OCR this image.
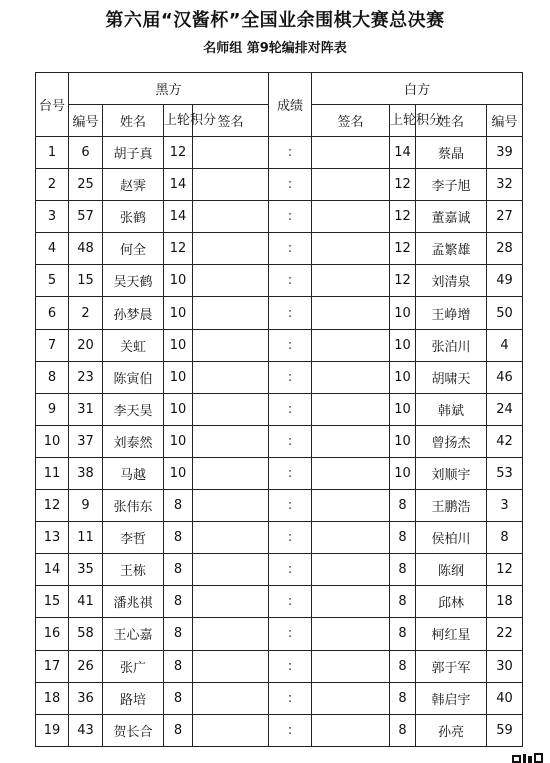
第六届“汉酱杯”全国业余围棋大赛总决赛
名师组 第9轮编排对阵表
台号	黑方				成绩	白方			
	编号	姓名	上轮积分	签名		签名	上轮积分	姓名	编号
1	6	胡子真	12		:		14	蔡晶	39
2	25	赵霁	14		:		12	李子旭	32
3	57	张鹤	14		:		12	董嘉诚	27
4	48	何全	12		:		12	孟繁雄	28
5	15	吴天鹤	10		:		12	刘清泉	49
6	2	孙梦晨	10		:		10	王峥增	50
7	20	关虹	10		:		10	张泊川	4
8	23	陈寅伯	10		:		10	胡啸天	46
9	31	李天昊	10		:		10	韩斌	24
10	37	刘泰然	10		:		10	曾扬杰	42
11	38	马越	10		:		10	刘顺宇	53
12	9	张伟东	8		:		8	王鹏浩	3
13	11	李哲	8		:		8	侯柏川	8
14	35	王栋	8		:		8	陈纲	12
15	41	潘兆祺	8		:		8	邱林	18
16	58	王心嘉	8		:		8	柯红星	22
17	26	张广	8		:		8	郭于军	30
18	36	路培	8		:		8	韩启宇	40
19	43	贺长合	8		:		8	孙亮	59
